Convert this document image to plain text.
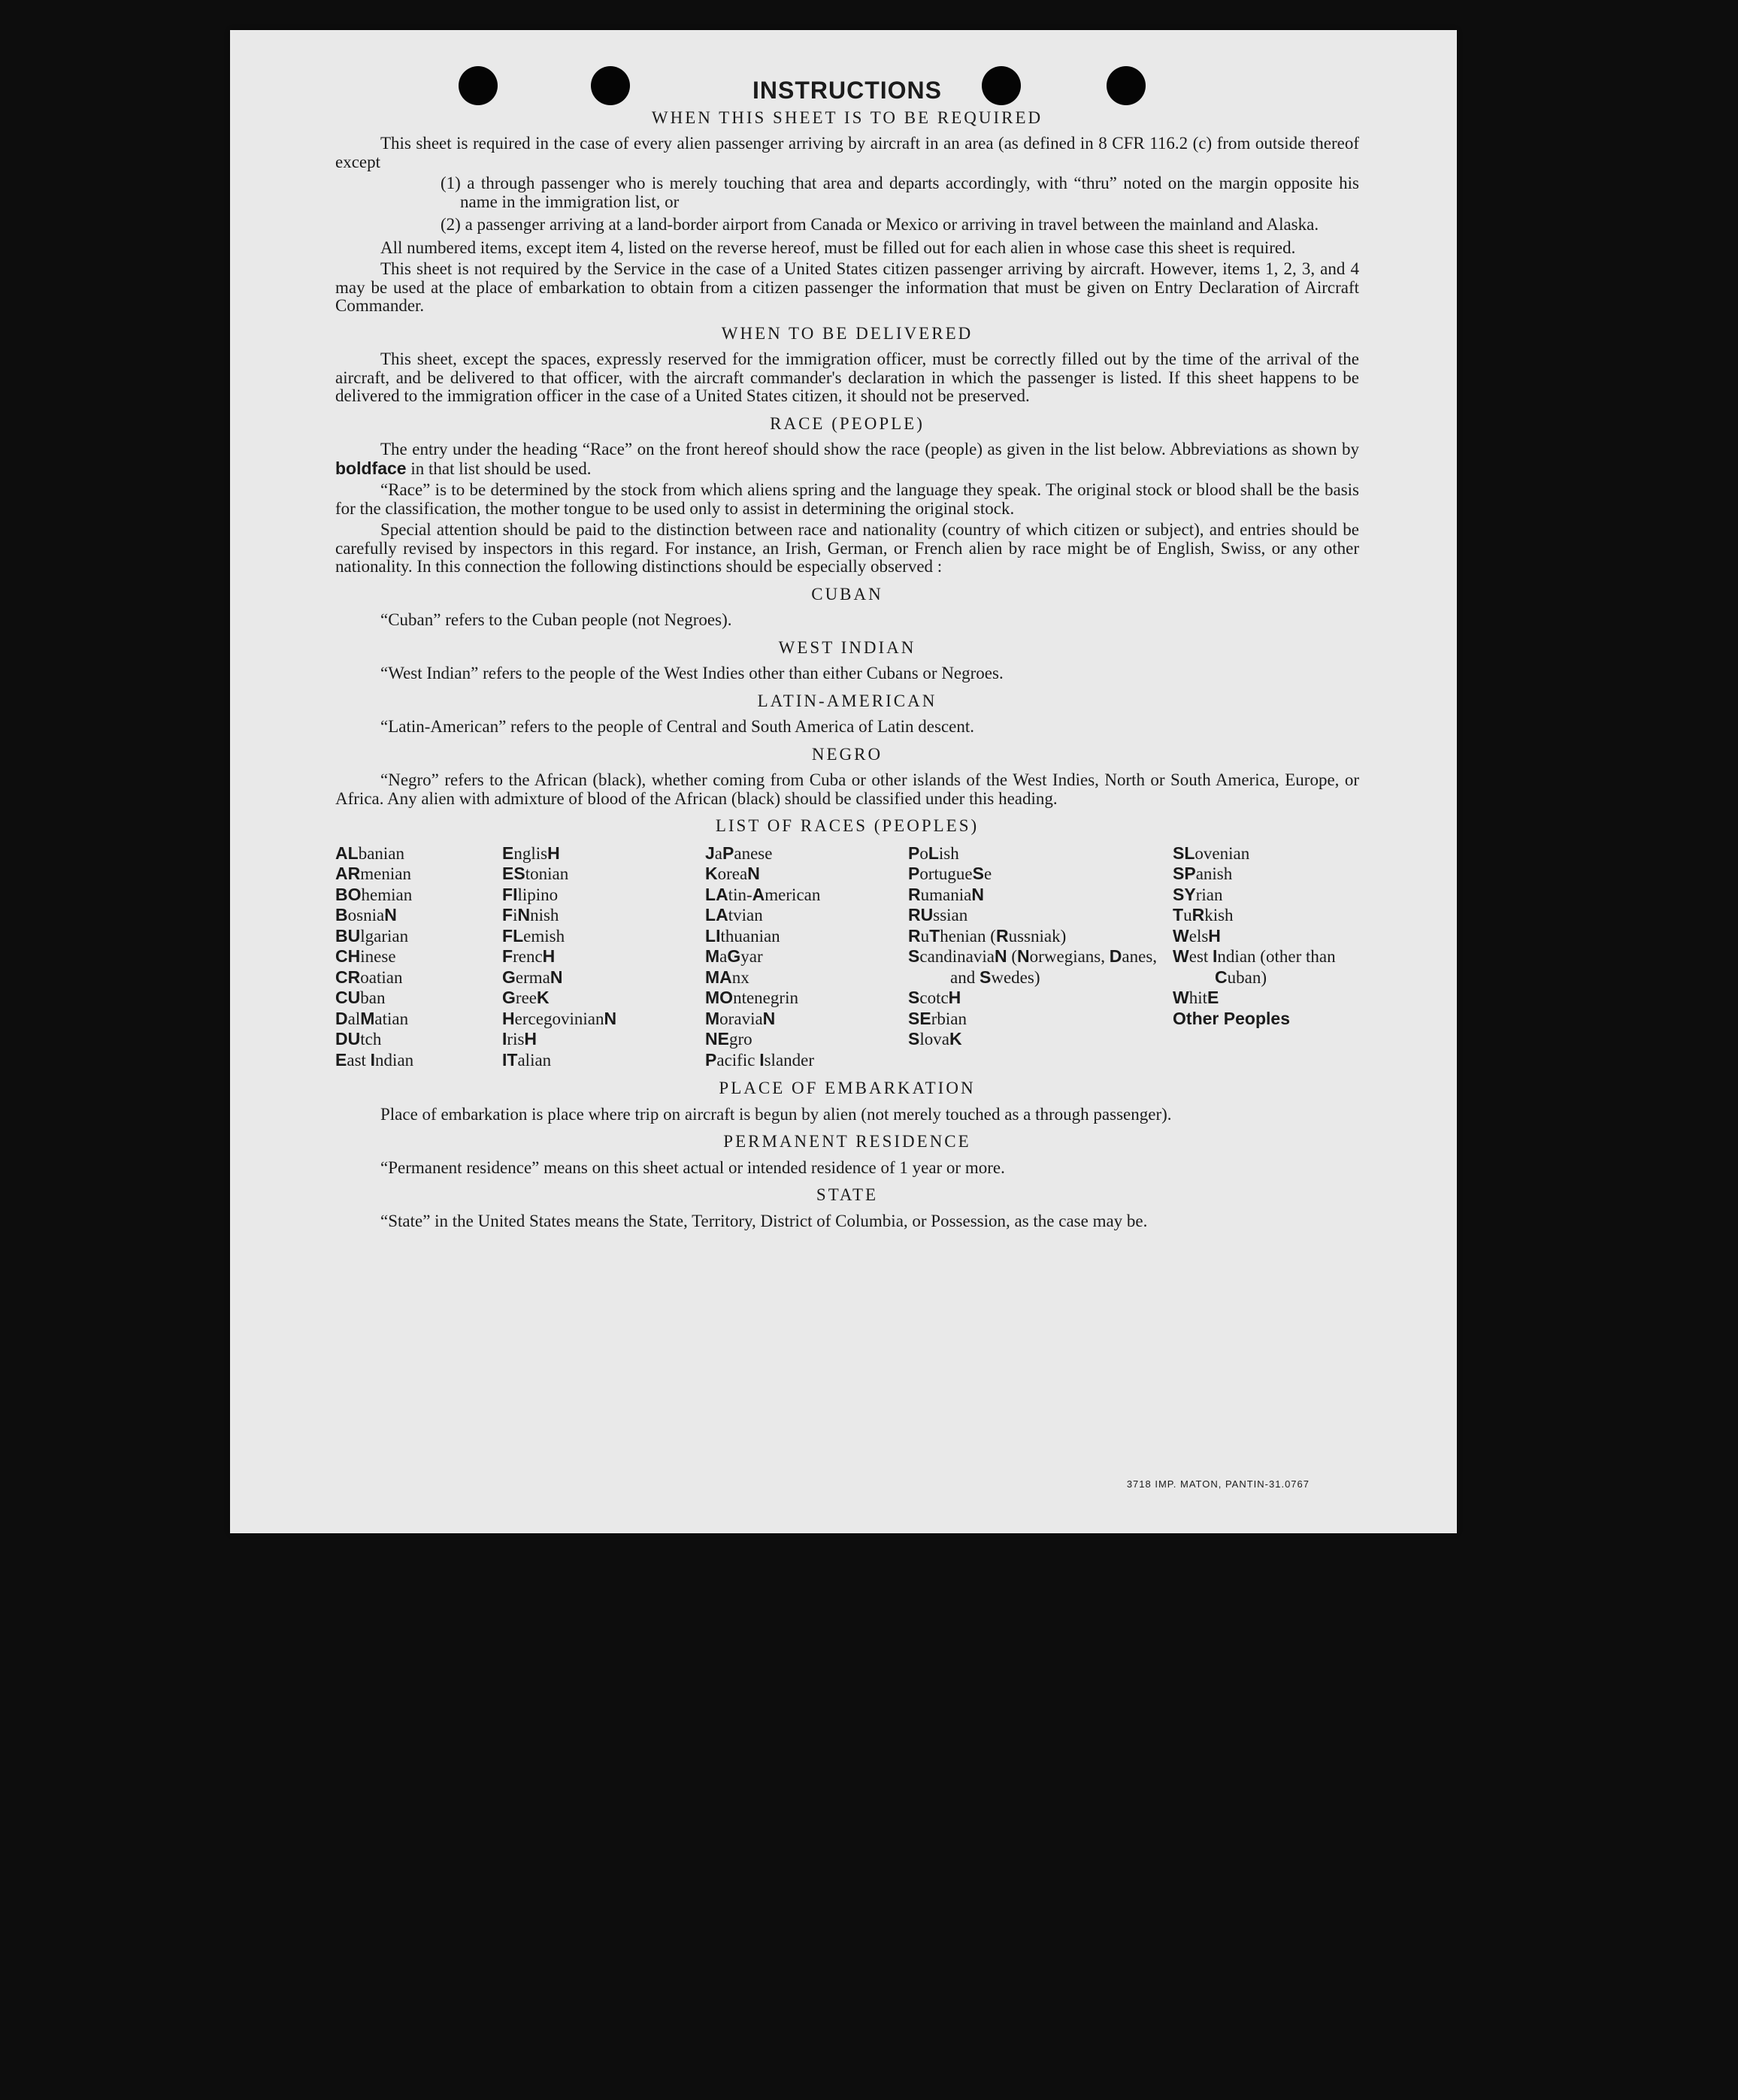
INSTRUCTIONS
WHEN THIS SHEET IS TO BE REQUIRED

This sheet is required in the case of every alien passenger arriving by aircraft in an area (as defined in 8 CFR 116.2 (c) from outside thereof except

(1) a through passenger who is merely touching that area and departs accordingly, with “thru” noted on the margin opposite his name in the immigration list, or

(2) a passenger arriving at a land-border airport from Canada or Mexico or arriving in travel between the mainland and Alaska.

All numbered items, except item 4, listed on the reverse hereof, must be filled out for each alien in whose case this sheet is required.

This sheet is not required by the Service in the case of a United States citizen passenger arriving by aircraft. However, items 1, 2, 3, and 4 may be used at the place of embarkation to obtain from a citizen passenger the information that must be given on Entry Declaration of Aircraft Commander.

WHEN TO BE DELIVERED

This sheet, except the spaces, expressly reserved for the immigration officer, must be correctly filled out by the time of the arrival of the aircraft, and be delivered to that officer, with the aircraft commander's declaration in which the passenger is listed. If this sheet happens to be delivered to the immigration officer in the case of a United States citizen, it should not be preserved.

RACE (PEOPLE)

The entry under the heading “Race” on the front hereof should show the race (people) as given in the list below. Abbreviations as shown by boldface in that list should be used.

“Race” is to be determined by the stock from which aliens spring and the language they speak. The original stock or blood shall be the basis for the classification, the mother tongue to be used only to assist in determining the original stock.

Special attention should be paid to the distinction between race and nationality (country of which citizen or subject), and entries should be carefully revised by inspectors in this regard. For instance, an Irish, German, or French alien by race might be of English, Swiss, or any other nationality. In this connection the following distinctions should be especially observed :

CUBAN

“Cuban” refers to the Cuban people (not Negroes).

WEST INDIAN

“West Indian” refers to the people of the West Indies other than either Cubans or Negroes.

LATIN-AMERICAN

“Latin-American” refers to the people of Central and South America of Latin descent.

NEGRO

“Negro” refers to the African (black), whether coming from Cuba or other islands of the West Indies, North or South America, Europe, or Africa. Any alien with admixture of blood of the African (black) should be classified under this heading.

LIST OF RACES (PEOPLES)
ALbanian
ARmenian
BOhemian
BosniaN
BUlgarian
CHinese
CRoatian
CUban
DalMatian
DUtch
East Indian
EnglisH
EStonian
FIlipino
FiNnish
FLemish
FrencH
GermaN
GreeK
HercegovinianN
IrisH
ITalian
JaPanese
KoreaN
LAtin-American
LAtvian
LIthuanian
MaGyar
MAnx
MOntenegrin
MoraviaN
NEgro
Pacific Islander
PoLish
PortugueSe
RumaniaN
RUssian
RuThenian (Russniak)
ScandinaviaN (Norwegians, Danes, and Swedes)
ScotcH
SErbian
SlovaK
SLovenian
SPanish
SYrian
TuRkish
WelsH
West Indian (other than Cuban)
WhitE
Other Peoples
PLACE OF EMBARKATION

Place of embarkation is place where trip on aircraft is begun by alien (not merely touched as a through passenger).

PERMANENT RESIDENCE

“Permanent residence” means on this sheet actual or intended residence of 1 year or more.

STATE

“State” in the United States means the State, Territory, District of Columbia, or Possession, as the case may be.

3718 IMP. MATON, PANTIN-31.0767
